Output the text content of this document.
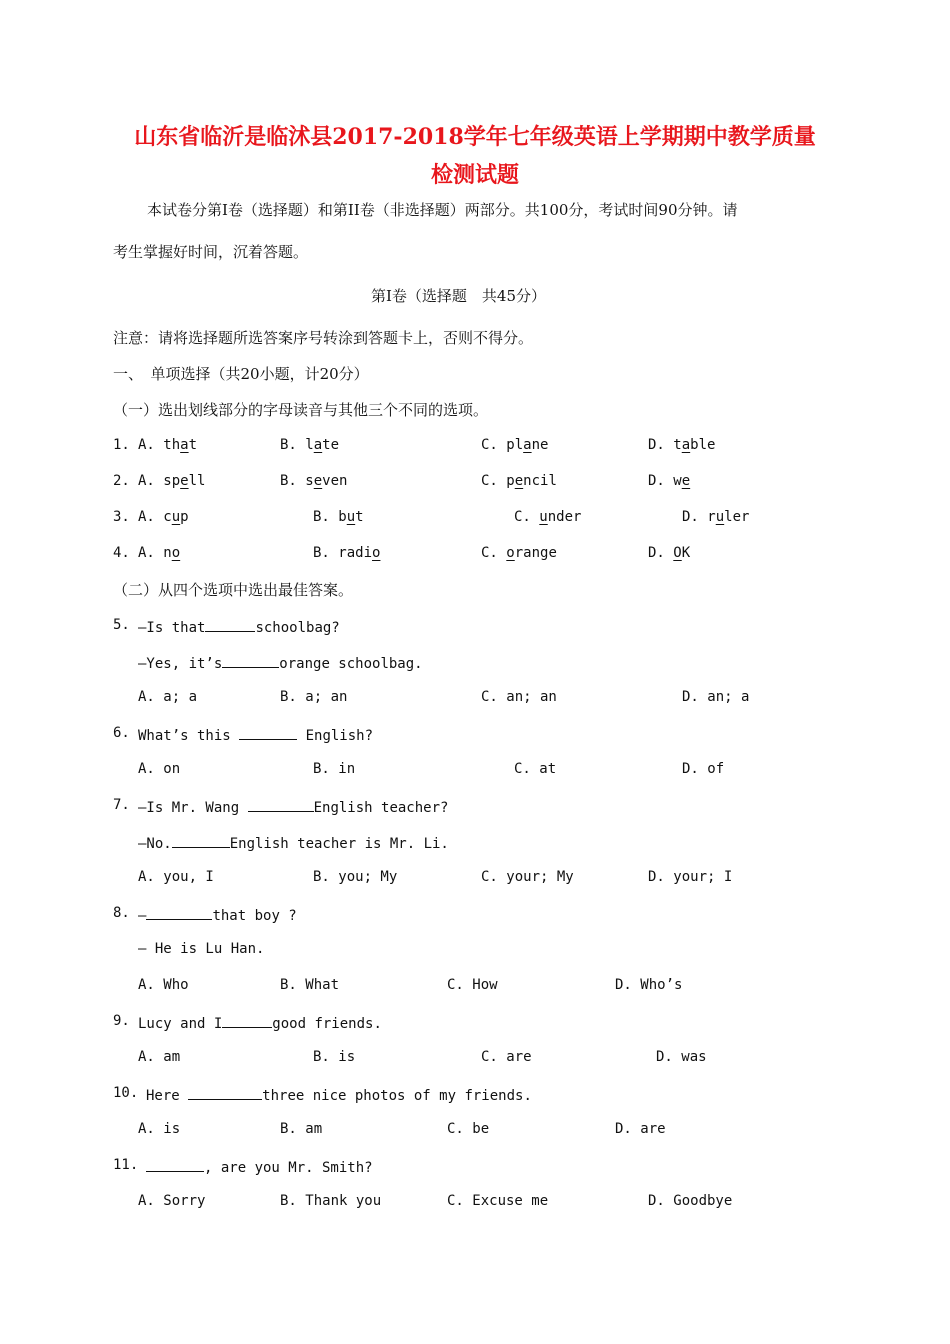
山东省临沂是临沭县2017-2018学年七年级英语上学期期中教学质量
检测试题
本试卷分第I卷（选择题）和第II卷（非选择题）两部分。共100分，考试时间90分钟。请
考生掌握好时间，沉着答题。
第I卷（选择题　共45分）
注意：请将选择题所选答案序号转涂到答题卡上，否则不得分。
一、　单项选择（共20小题，计20分）
（一）选出划线部分的字母读音与其他三个不同的选项。
1. A. that	B. late	C. plane	D. table
2. A. spell	B. seven	C. pencil	D. we
3. A. cup	B. but	C. under	D. ruler
4. A. no	B. radio	C. orange	D. OK
（二）从四个选项中选出最佳答案。
5. —Is that	schoolbag?
—Yes, it’s	orange schoolbag.
A. a; a	B. a; an	C. an; an	D. an; a
6. What’s this	English?
A. on	B. in	C. at	D. of
7. —Is Mr. Wang	English teacher?
—No.	English teacher is Mr. Li.
A. you, I	B. you; My	C. your; My	D. your; I
8. —	that boy ?
— He is Lu Han.
A. Who	B. What	C. How	D. Who’s
9. Lucy and I	good friends.
A. am	B. is	C. are	D. was
10. Here	three nice photos of my friends.
A. is	B. am	C. be	D. are
11.	, are you Mr. Smith?
A. Sorry	B. Thank you	C. Excuse me	D. Goodbye
